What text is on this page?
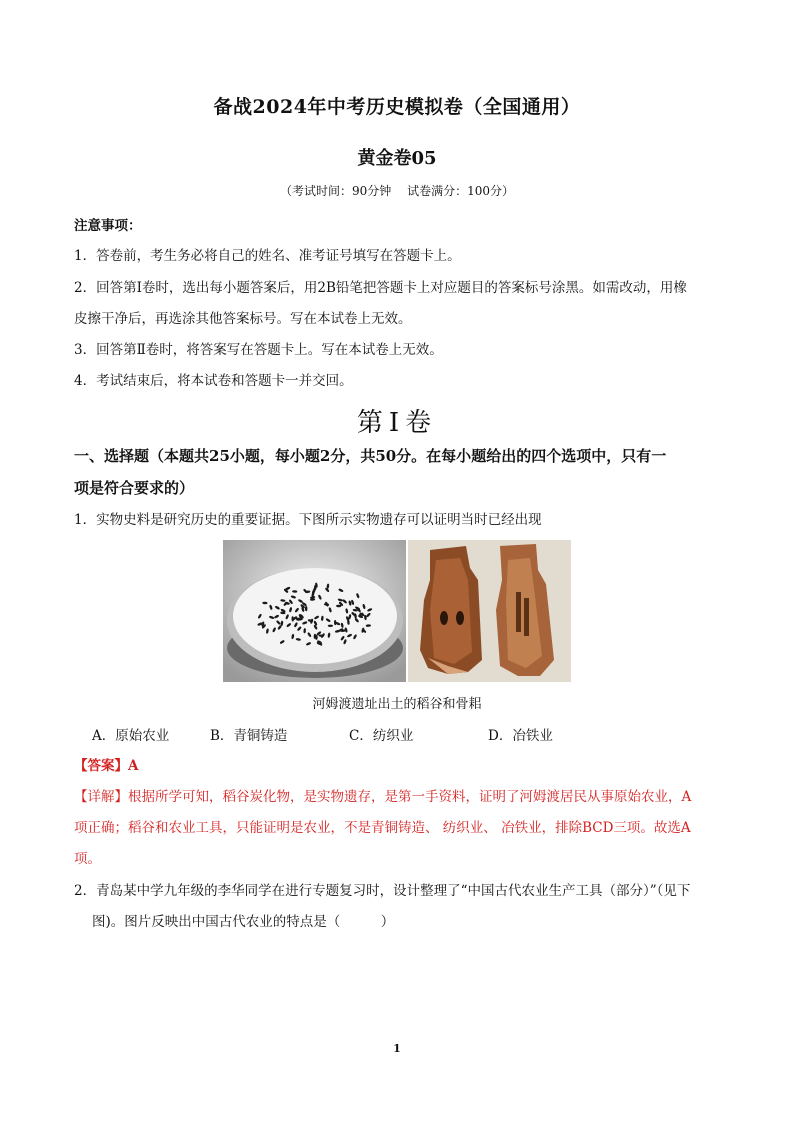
备战2024年中考历史模拟卷（全国通用）
黄金卷05
（考试时间：90分钟　 试卷满分：100分）
注意事项：
1．答卷前，考生务必将自己的姓名、准考证号填写在答题卡上。
2．回答第Ⅰ卷时，选出每小题答案后，用2B铅笔把答题卡上对应题目的答案标号涂黑。如需改动，用橡
皮擦干净后，再选涂其他答案标号。写在本试卷上无效。
3．回答第Ⅱ卷时，将答案写在答题卡上。写在本试卷上无效。
4．考试结束后，将本试卷和答题卡一并交回。
第Ⅰ卷
一、选择题（本题共25小题，每小题2分，共50分。在每小题给出的四个选项中，只有一
项是符合要求的）
1．实物史料是研究历史的重要证据。下图所示实物遗存可以证明当时已经出现
河姆渡遗址出土的稻谷和骨耜
A．原始农业	B．青铜铸造	C．纺织业	D．冶铁业
【答案】A
【详解】根据所学可知，稻谷炭化物，是实物遗存，是第一手资料，证明了河姆渡居民从事原始农业，A
项正确；稻谷和农业工具，只能证明是农业，不是青铜铸造、 纺织业、 冶铁业，排除BCD三项。故选A
项。
2．青岛某中学九年级的李华同学在进行专题复习时，设计整理了“中国古代农业生产工具（部分）”（见下
图)。图片反映出中国古代农业的特点是（　　　）
1
